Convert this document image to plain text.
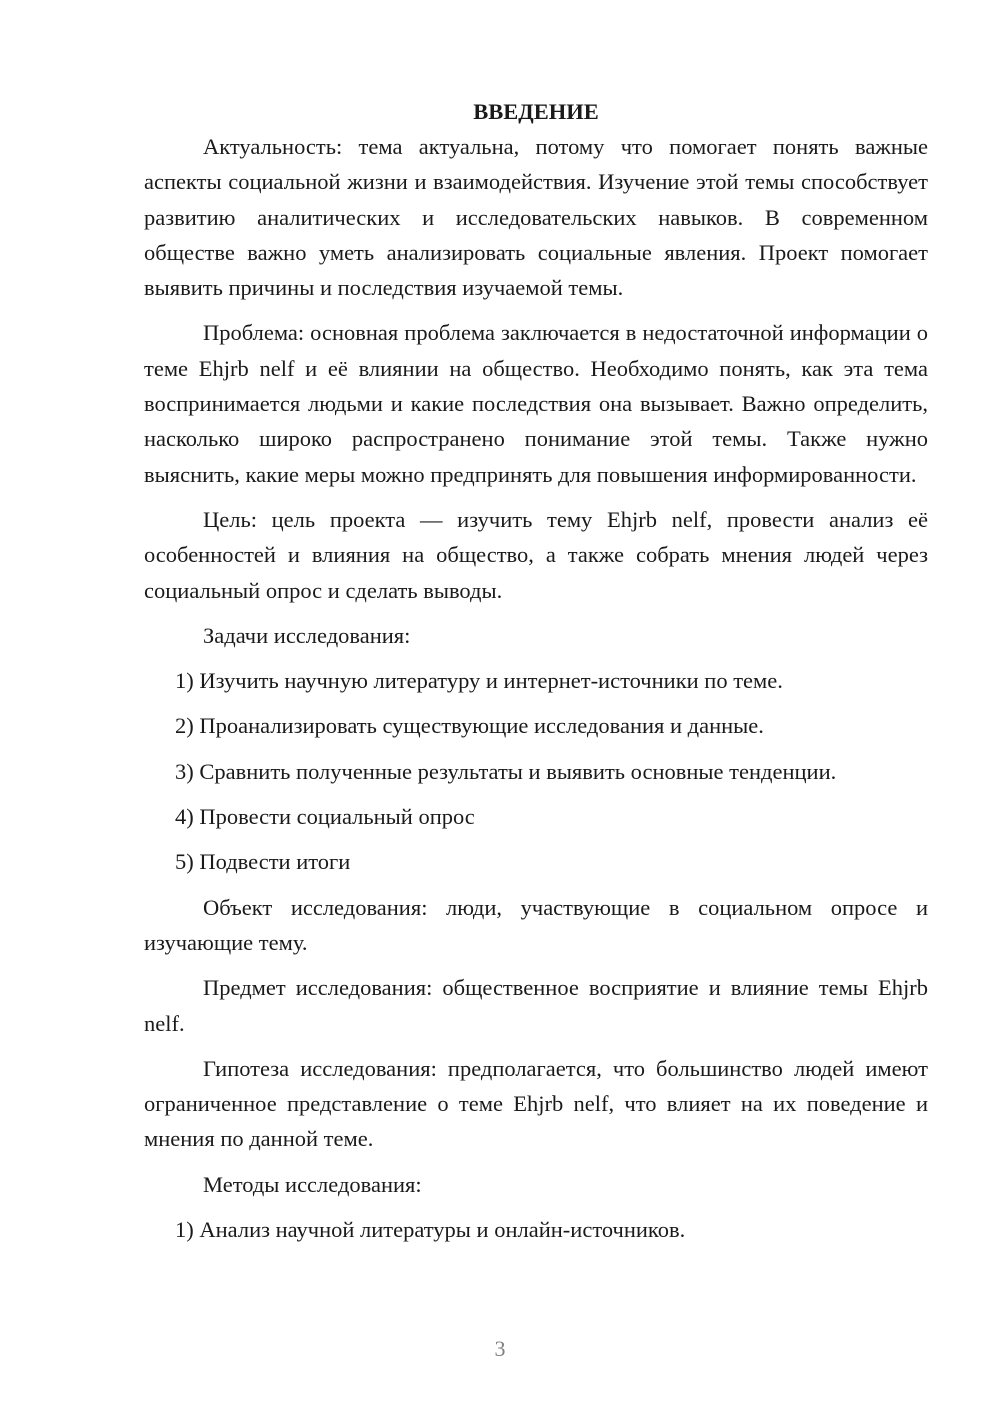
ВВЕДЕНИЕ

Актуальность: тема актуальна, потому что помогает понять важные аспекты социальной жизни и взаимодействия. Изучение этой темы способствует развитию аналитических и исследовательских навыков. В современном обществе важно уметь анализировать социальные явления. Проект помогает выявить причины и последствия изучаемой темы.

Проблема: основная проблема заключается в недостаточной информации о теме Ehjrb nelf и её влиянии на общество. Необходимо понять, как эта тема воспринимается людьми и какие последствия она вызывает. Важно определить, насколько широко распространено понимание этой темы. Также нужно выяснить, какие меры можно предпринять для повышения информированности.

Цель: цель проекта — изучить тему Ehjrb nelf, провести анализ её особенностей и влияния на общество, а также собрать мнения людей через социальный опрос и сделать выводы.

Задачи исследования:

1) Изучить научную литературу и интернет-источники по теме.
2) Проанализировать существующие исследования и данные.
3) Сравнить полученные результаты и выявить основные тенденции.
4) Провести социальный опрос
5) Подвести итоги

Объект исследования: люди, участвующие в социальном опросе и изучающие тему.

Предмет исследования: общественное восприятие и влияние темы Ehjrb nelf.

Гипотеза исследования: предполагается, что большинство людей имеют ограниченное представление о теме Ehjrb nelf, что влияет на их поведение и мнения по данной теме.

Методы исследования:

1) Анализ научной литературы и онлайн-источников.
3
